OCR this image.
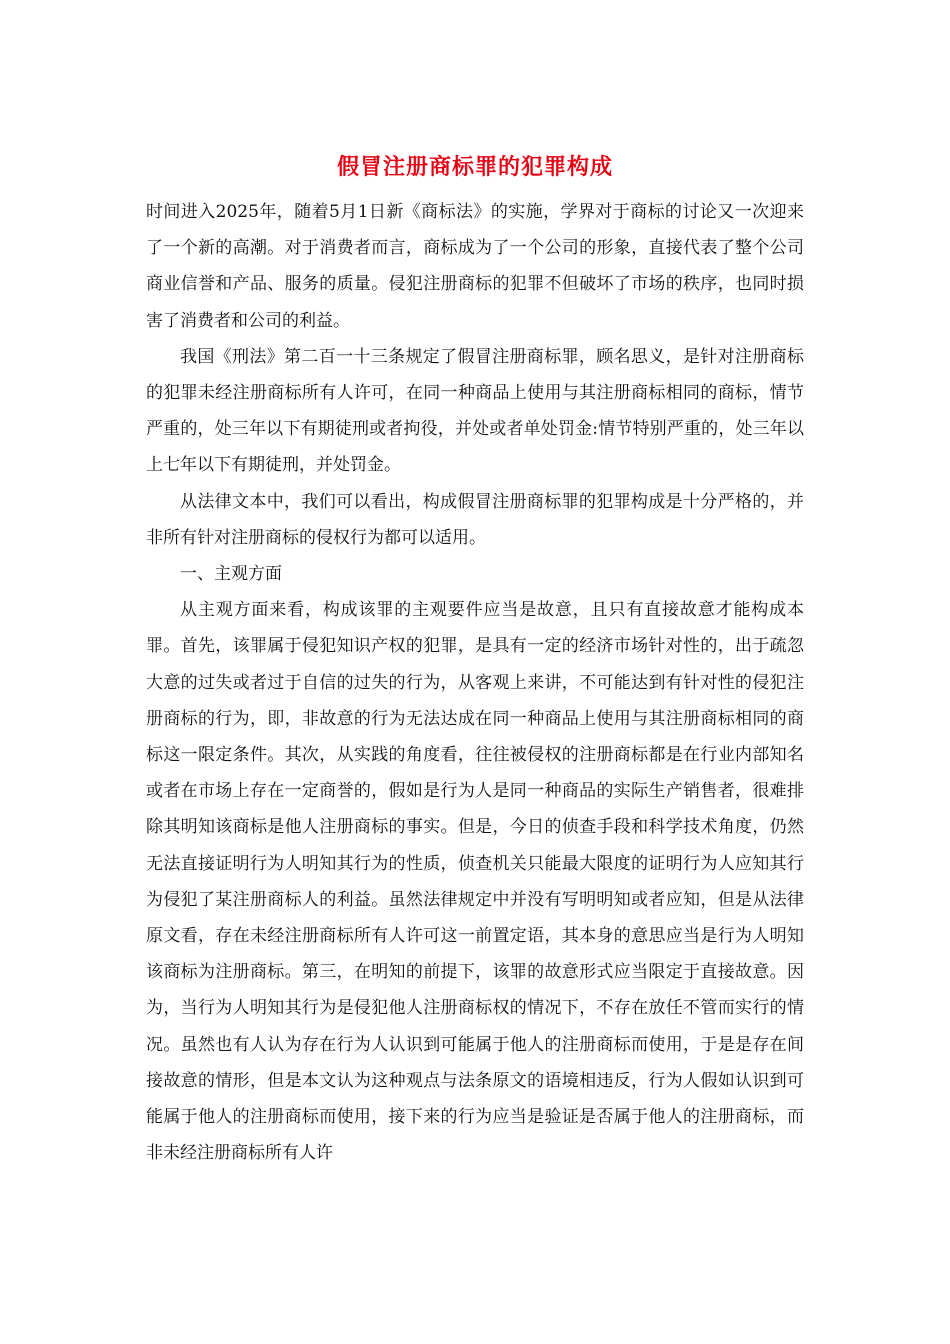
假冒注册商标罪的犯罪构成

时间进入2025年，随着5月1日新《商标法》的实施，学界对于商标的讨论又一次迎来了一个新的高潮。对于消费者而言，商标成为了一个公司的形象，直接代表了整个公司商业信誉和产品、服务的质量。侵犯注册商标的犯罪不但破坏了市场的秩序，也同时损害了消费者和公司的利益。

我国《刑法》第二百一十三条规定了假冒注册商标罪，顾名思义，是针对注册商标的犯罪未经注册商标所有人许可，在同一种商品上使用与其注册商标相同的商标，情节严重的，处三年以下有期徒刑或者拘役，并处或者单处罚金:情节特别严重的，处三年以上七年以下有期徒刑，并处罚金。

从法律文本中，我们可以看出，构成假冒注册商标罪的犯罪构成是十分严格的，并非所有针对注册商标的侵权行为都可以适用。

一、主观方面

从主观方面来看，构成该罪的主观要件应当是故意，且只有直接故意才能构成本罪。首先，该罪属于侵犯知识产权的犯罪，是具有一定的经济市场针对性的，出于疏忽大意的过失或者过于自信的过失的行为，从客观上来讲，不可能达到有针对性的侵犯注册商标的行为，即，非故意的行为无法达成在同一种商品上使用与其注册商标相同的商标这一限定条件。其次，从实践的角度看，往往被侵权的注册商标都是在行业内部知名或者在市场上存在一定商誉的，假如是行为人是同一种商品的实际生产销售者，很难排除其明知该商标是他人注册商标的事实。但是，今日的侦查手段和科学技术角度，仍然无法直接证明行为人明知其行为的性质，侦查机关只能最大限度的证明行为人应知其行为侵犯了某注册商标人的利益。虽然法律规定中并没有写明明知或者应知，但是从法律原文看，存在未经注册商标所有人许可这一前置定语，其本身的意思应当是行为人明知该商标为注册商标。第三，在明知的前提下，该罪的故意形式应当限定于直接故意。因为，当行为人明知其行为是侵犯他人注册商标权的情况下，不存在放任不管而实行的情况。虽然也有人认为存在行为人认识到可能属于他人的注册商标而使用，于是是存在间接故意的情形，但是本文认为这种观点与法条原文的语境相违反，行为人假如认识到可能属于他人的注册商标而使用，接下来的行为应当是验证是否属于他人的注册商标，而非未经注册商标所有人许
